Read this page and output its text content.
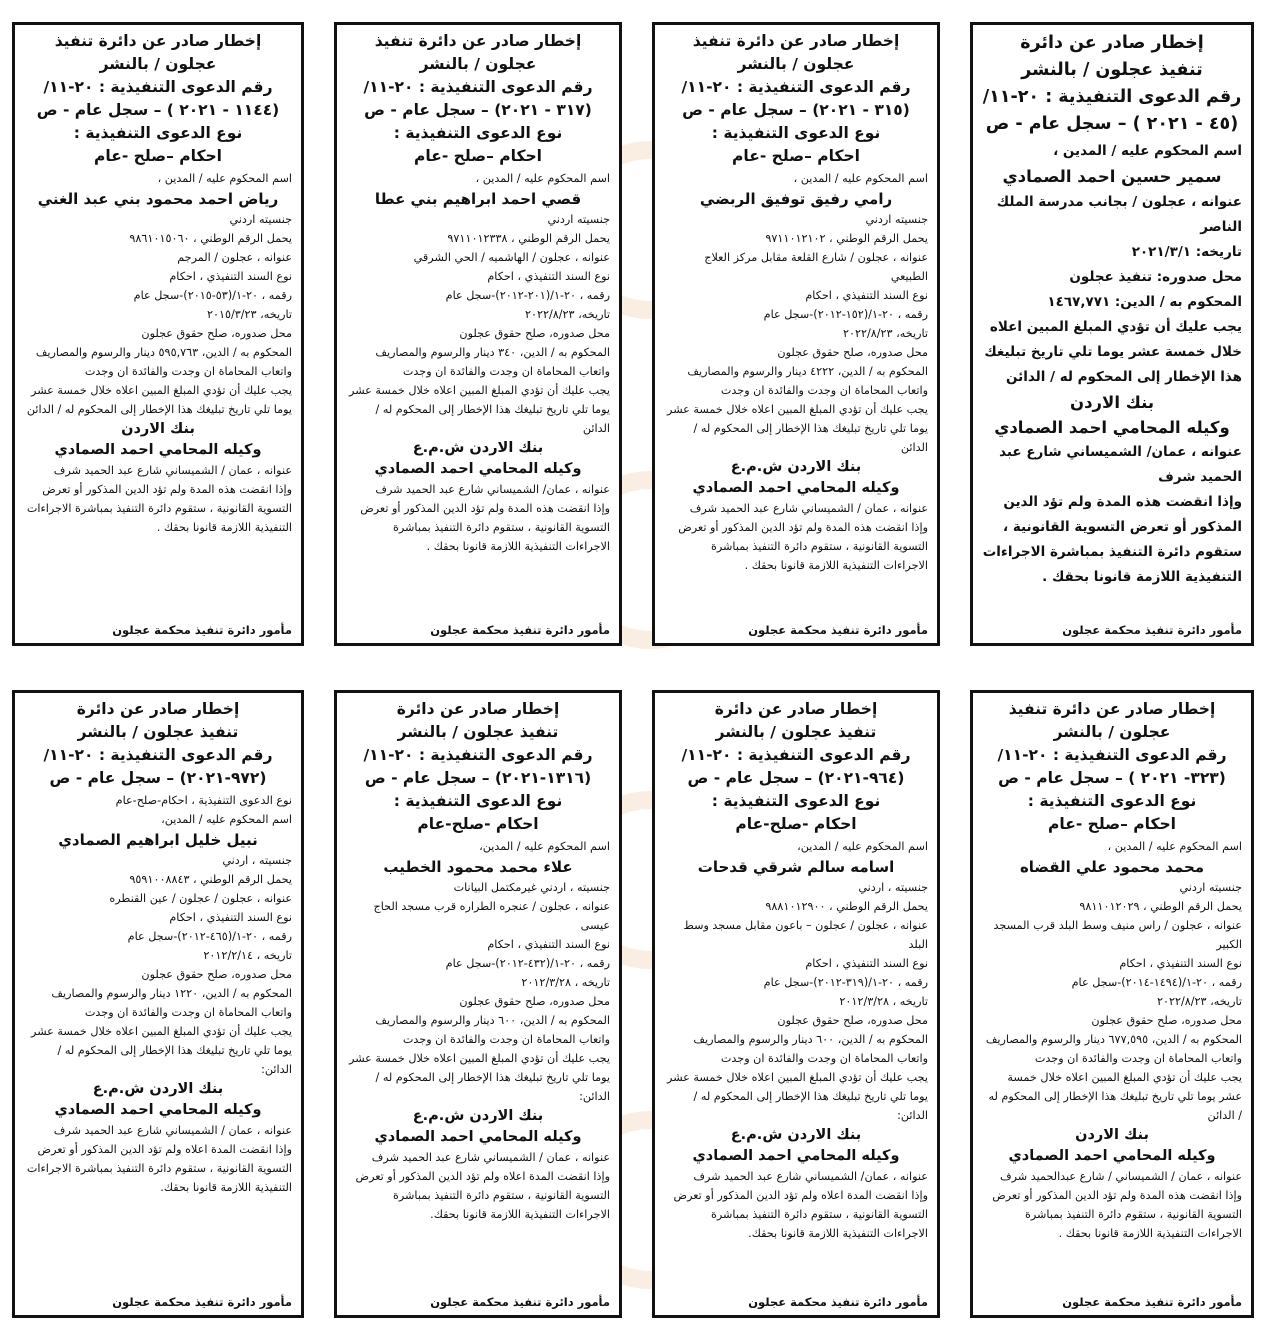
إخطار صادر عن دائرة
تنفيذ عجلون / بالنشر
رقم الدعوى التنفيذية : ٢٠-١١/
(٤٥ - ٢٠٢١ ) – سجل عام - ص
اسم المحكوم عليه / المدين ،
سمير حسين احمد الصمادي
عنوانه ، عجلون / بجانب مدرسة الملك الناصر
تاريخه: ٢٠٢١/٣/١
محل صدوره: تنفيذ عجلون
المحكوم به / الدين: ١٤٦٧,٧٧١
يجب عليك أن تؤدي المبلغ المبين اعلاه خلال خمسة عشر يوما تلي تاريخ تبليغك هذا الإخطار إلى المحكوم له / الدائن
بنك الاردن
وكيله المحامي احمد الصمادي
عنوانه ، عمان/ الشميساني شارع عبد الحميد شرف
وإذا انقضت هذه المدة ولم تؤد الدين المذكور أو تعرض التسوية القانونية ، ستقوم دائرة التنفيذ بمباشرة الاجراءات التنفيذية اللازمة قانونا بحقك .
مأمور دائرة تنفيذ محكمة عجلون
إخطار صادر عن دائرة تنفيذ
عجلون / بالنشر
رقم الدعوى التنفيذية : ٢٠-١١/
(٣١٥ - ٢٠٢١) – سجل عام - ص
نوع الدعوى التنفيذية :
احكام –صلح -عام
اسم المحكوم عليه / المدين ،
رامي رفيق توفيق الربضي
جنسيته اردني
يحمل الرقم الوطني ، ٩٧١١٠١٢١٠٢
عنوانه ، عجلون / شارع القلعة مقابل مركز العلاج الطبيعي
نوع السند التنفيذي ، احكام
رقمه ، ٢٠-١/(١٥٢-٢٠١٢)-سجل عام
تاريخه، ٢٠٢٢/٨/٢٣
محل صدوره، صلح حقوق عجلون
المحكوم به / الدين، ٤٢٢٢ دينار والرسوم والمصاريف واتعاب المحاماة ان وجدت والفائدة ان وجدت
يجب عليك أن تؤدي المبلغ المبين اعلاه خلال خمسة عشر يوما تلي تاريخ تبليغك هذا الإخطار إلى المحكوم له / الدائن
بنك الاردن ش.م.ع
وكيله المحامي احمد الصمادي
عنوانه ، عمان / الشميساني شارع عبد الحميد شرف
وإذا انقضت هذه المدة ولم تؤد الدين المذكور أو تعرض التسوية القانونية ، ستقوم دائرة التنفيذ بمباشرة الاجراءات التنفيذية اللازمة قانونا بحقك .
مأمور دائرة تنفيذ محكمة عجلون
إخطار صادر عن دائرة تنفيذ
عجلون / بالنشر
رقم الدعوى التنفيذية : ٢٠-١١/
(٣١٧ - ٢٠٢١) – سجل عام - ص
نوع الدعوى التنفيذية :
احكام –صلح -عام
اسم المحكوم عليه / المدين ،
قصي احمد ابراهيم بني عطا
جنسيته اردني
يحمل الرقم الوطني ، ٩٧١١٠١٢٣٣٨
عنوانه ، عجلون / الهاشميه / الحي الشرقي
نوع السند التنفيذي ، احكام
رقمه ، ٢٠-١/(٢٠١-٢٠١٢)-سجل عام
تاريخه، ٢٠٢٢/٨/٢٣
محل صدوره، صلح حقوق عجلون
المحكوم به / الدين، ٣٤٠ دينار والرسوم والمصاريف واتعاب المحاماة ان وجدت والفائدة ان وجدت
يجب عليك أن تؤدي المبلغ المبين اعلاه خلال خمسة عشر يوما تلي تاريخ تبليغك هذا الإخطار إلى المحكوم له / الدائن
بنك الاردن ش.م.ع
وكيله المحامي احمد الصمادي
عنوانه ، عمان/ الشميساني شارع عبد الحميد شرف
وإذا انقضت هذه المدة ولم تؤد الدين المذكور أو تعرض التسوية القانونية ، ستقوم دائرة التنفيذ بمباشرة الاجراءات التنفيذية اللازمة قانونا بحقك .
مأمور دائرة تنفيذ محكمة عجلون
إخطار صادر عن دائرة تنفيذ
عجلون / بالنشر
رقم الدعوى التنفيذية : ٢٠-١١/
(١١٤٤ - ٢٠٢١ ) – سجل عام - ص
نوع الدعوى التنفيذية :
احكام –صلح -عام
اسم المحكوم عليه / المدين ،
رياض احمد محمود بني عبد الغني
جنسيته اردني
يحمل الرقم الوطني ، ٩٨٦١٠١٥٠٦٠
عنوانه ، عجلون / المرجم
نوع السند التنفيذي ، احكام
رقمه ، ٢٠-١/(٥٣-٢٠١٥)-سجل عام
تاريخه، ٢٠١٥/٣/٢٣
محل صدوره، صلح حقوق عجلون
المحكوم به / الدين، ٥٩٥,٧٦٣ دينار والرسوم والمصاريف واتعاب المحاماة ان وجدت والفائدة ان وجدت
يجب عليك أن تؤدي المبلغ المبين اعلاه خلال خمسة عشر يوما تلي تاريخ تبليغك هذا الإخطار إلى المحكوم له / الدائن
بنك الاردن
وكيله المحامي احمد الصمادي
عنوانه ، عمان / الشميساني شارع عبد الحميد شرف
وإذا انقضت هذه المدة ولم تؤد الدين المذكور أو تعرض التسوية القانونية ، ستقوم دائرة التنفيذ بمباشرة الاجراءات التنفيذية اللازمة قانونا بحقك .
مأمور دائرة تنفيذ محكمة عجلون
إخطار صادر عن دائرة تنفيذ
عجلون / بالنشر
رقم الدعوى التنفيذية : ٢٠-١١/
(٣٢٣- ٢٠٢١ ) – سجل عام - ص
نوع الدعوى التنفيذية :
احكام –صلح -عام
اسم المحكوم عليه / المدين ،
محمد محمود علي القضاه
جنسيته اردني
يحمل الرقم الوطني ، ٩٨١١٠١٢٠٢٩
عنوانه ، عجلون / راس منيف وسط البلد قرب المسجد الكبير
نوع السند التنفيذي ، احكام
رقمه ، ٢٠-١/(١٤٩٤-٢٠١٤)-سجل عام
تاريخه، ٢٠٢٢/٨/٢٣
محل صدوره، صلح حقوق عجلون
المحكوم به / الدين، ٦٧٧,٥٩٥ دينار والرسوم والمصاريف واتعاب المحاماة ان وجدت والفائدة ان وجدت
يجب عليك أن تؤدي المبلغ المبين اعلاه خلال خمسة عشر يوما تلي تاريخ تبليغك هذا الإخطار إلى المحكوم له / الدائن
بنك الاردن
وكيله المحامي احمد الصمادي
عنوانه ، عمان / الشميساني / شارع عبدالحميد شرف
وإذا انقضت هذه المدة ولم تؤد الدين المذكور أو تعرض التسوية القانونية ، ستقوم دائرة التنفيذ بمباشرة الاجراءات التنفيذية اللازمة قانونا بحقك .
مأمور دائرة تنفيذ محكمة عجلون
إخطار صادر عن دائرة
تنفيذ عجلون / بالنشر
رقم الدعوى التنفيذية : ٢٠-١١/
(٩٦٤-٢٠٢١) – سجل عام - ص
نوع الدعوى التنفيذية :
احكام -صلح-عام
اسم المحكوم عليه / المدين،
اسامه سالم شرقي قدحات
جنسيته ، اردني
يحمل الرقم الوطني ، ٩٨٨١٠١٢٩٠٠
عنوانه ، عجلون / عجلون – باعون مقابل مسجد وسط البلد
نوع السند التنفيذي ، احكام
رقمه ، ٢٠-١/(٣١٩-٢٠١٢)-سجل عام
تاريخه ، ٢٠١٢/٣/٢٨
محل صدوره، صلح حقوق عجلون
المحكوم به / الدين، ٦٠٠ دينار والرسوم والمصاريف واتعاب المحاماة ان وجدت والفائدة ان وجدت
يجب عليك أن تؤدي المبلغ المبين اعلاه خلال خمسة عشر يوما تلي تاريخ تبليغك هذا الإخطار إلى المحكوم له / الدائن:
بنك الاردن ش.م.ع
وكيله المحامي احمد الصمادي
عنوانه ، عمان/ الشميساني شارع عبد الحميد شرف
وإذا انقضت المدة اعلاه ولم تؤد الدين المذكور أو تعرض التسوية القانونية ، ستقوم دائرة التنفيذ بمباشرة الاجراءات التنفيذية اللازمة قانونا بحقك.
مأمور دائرة تنفيذ محكمة عجلون
إخطار صادر عن دائرة
تنفيذ عجلون / بالنشر
رقم الدعوى التنفيذية : ٢٠-١١/
(١٣١٦-٢٠٢١) – سجل عام - ص
نوع الدعوى التنفيذية :
احكام -صلح-عام
اسم المحكوم عليه / المدين،
علاء محمد محمود الخطيب
جنسيته ، اردني غيرمكتمل البيانات
عنوانه ، عجلون / عنجره الطراره قرب مسجد الحاج عيسى
نوع السند التنفيذي ، احكام
رقمه ، ٢٠-١/(٤٣٢-٢٠١٢)-سجل عام
تاريخه ، ٢٠١٢/٣/٢٨
محل صدوره، صلح حقوق عجلون
المحكوم به / الدين، ٦٠٠ دينار والرسوم والمصاريف واتعاب المحاماة ان وجدت والفائدة ان وجدت
يجب عليك أن تؤدي المبلغ المبين اعلاه خلال خمسة عشر يوما تلي تاريخ تبليغك هذا الإخطار إلى المحكوم له / الدائن:
بنك الاردن ش.م.ع
وكيله المحامي احمد الصمادي
عنوانه ، عمان / الشميساني شارع عبد الحميد شرف
وإذا انقضت المدة اعلاه ولم تؤد الدين المذكور أو تعرض التسوية القانونية ، ستقوم دائرة التنفيذ بمباشرة الاجراءات التنفيذية اللازمة قانونا بحقك.
مأمور دائرة تنفيذ محكمة عجلون
إخطار صادر عن دائرة
تنفيذ عجلون / بالنشر
رقم الدعوى التنفيذية : ٢٠-١١/
(٩٧٢-٢٠٢١) – سجل عام - ص
نوع الدعوى التنفيذية ، احكام-صلح-عام
اسم المحكوم عليه / المدين،
نبيل خليل ابراهيم الصمادي
جنسيته ، اردني
يحمل الرقم الوطني ، ٩٥٩١٠٠٨٨٤٣
عنوانه ، عجلون / عجلون / عين القنطره
نوع السند التنفيذي ، احكام
رقمه ، ٢٠-١/(٤٦٥-٢٠١٢)-سجل عام
تاريخه ، ٢٠١٢/٢/١٤
محل صدوره، صلح حقوق عجلون
المحكوم به / الدين، ١٢٢٠ دينار والرسوم والمصاريف واتعاب المحاماة ان وجدت والفائدة ان وجدت
يجب عليك أن تؤدي المبلغ المبين اعلاه خلال خمسة عشر يوما تلي تاريخ تبليغك هذا الإخطار إلى المحكوم له / الدائن:
بنك الاردن ش.م.ع
وكيله المحامي احمد الصمادي
عنوانه ، عمان / الشميساني شارع عبد الحميد شرف
وإذا انقضت المدة اعلاه ولم تؤد الدين المذكور أو تعرض التسوية القانونية ، ستقوم دائرة التنفيذ بمباشرة الاجراءات التنفيذية اللازمة قانونا بحقك.
مأمور دائرة تنفيذ محكمة عجلون
